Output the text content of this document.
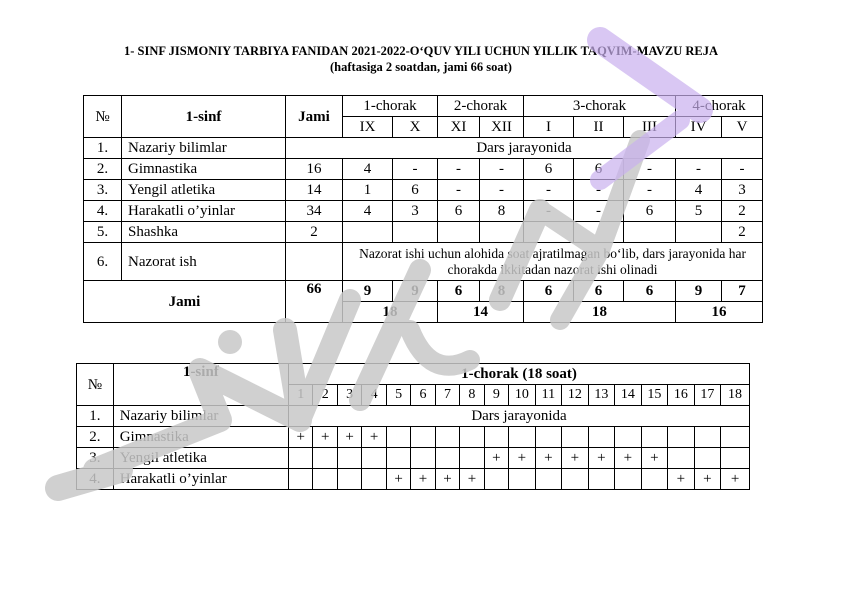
1- SINF JISMONIY TARBIYA FANIDAN 2021-2022-O‘QUV YILI UCHUN YILLIK TAQVIM-MAVZU REJA
(haftasiga 2 soatdan, jami 66 soat)
№	1-sinf	Jami	1-chorak		2-chorak		3-chorak			4-chorak	
			IX	X	XI	XII	I	II	III	IV	V
1.	Nazariy bilimlar	Dars jarayonida									
2.	Gimnastika	16	4	-	-	-	6	6	-	-	-
3.	Yengil atletika	14	1	6	-	-	-	-	-	4	3
4.	Harakatli o’yinlar	34	4	3	6	8	-	-	6	5	2
5.	Shashka	2									2
6.	Nazorat ish		Nazorat ishi uchun alohida soat ajratilmagan bo‘lib, dars jarayonida har chorakda ikkitadan nazorat ishi olinadi								
Jami		66	9	9	6	8	6	6	6	9	7
			18		14		18			16	
№	1-sinf	1-chorak (18 soat)																	
		1	2	3	4	5	6	7	8	9	10	11	12	13	14	15	16	17	18
1.	Nazariy bilimlar	Dars jarayonida																	
2.	Gimnastika	+	+	+	+														
3.	Yengil atletika									+	+	+	+	+	+	+			
4.	Harakatli o’yinlar					+	+	+	+								+	+	+
